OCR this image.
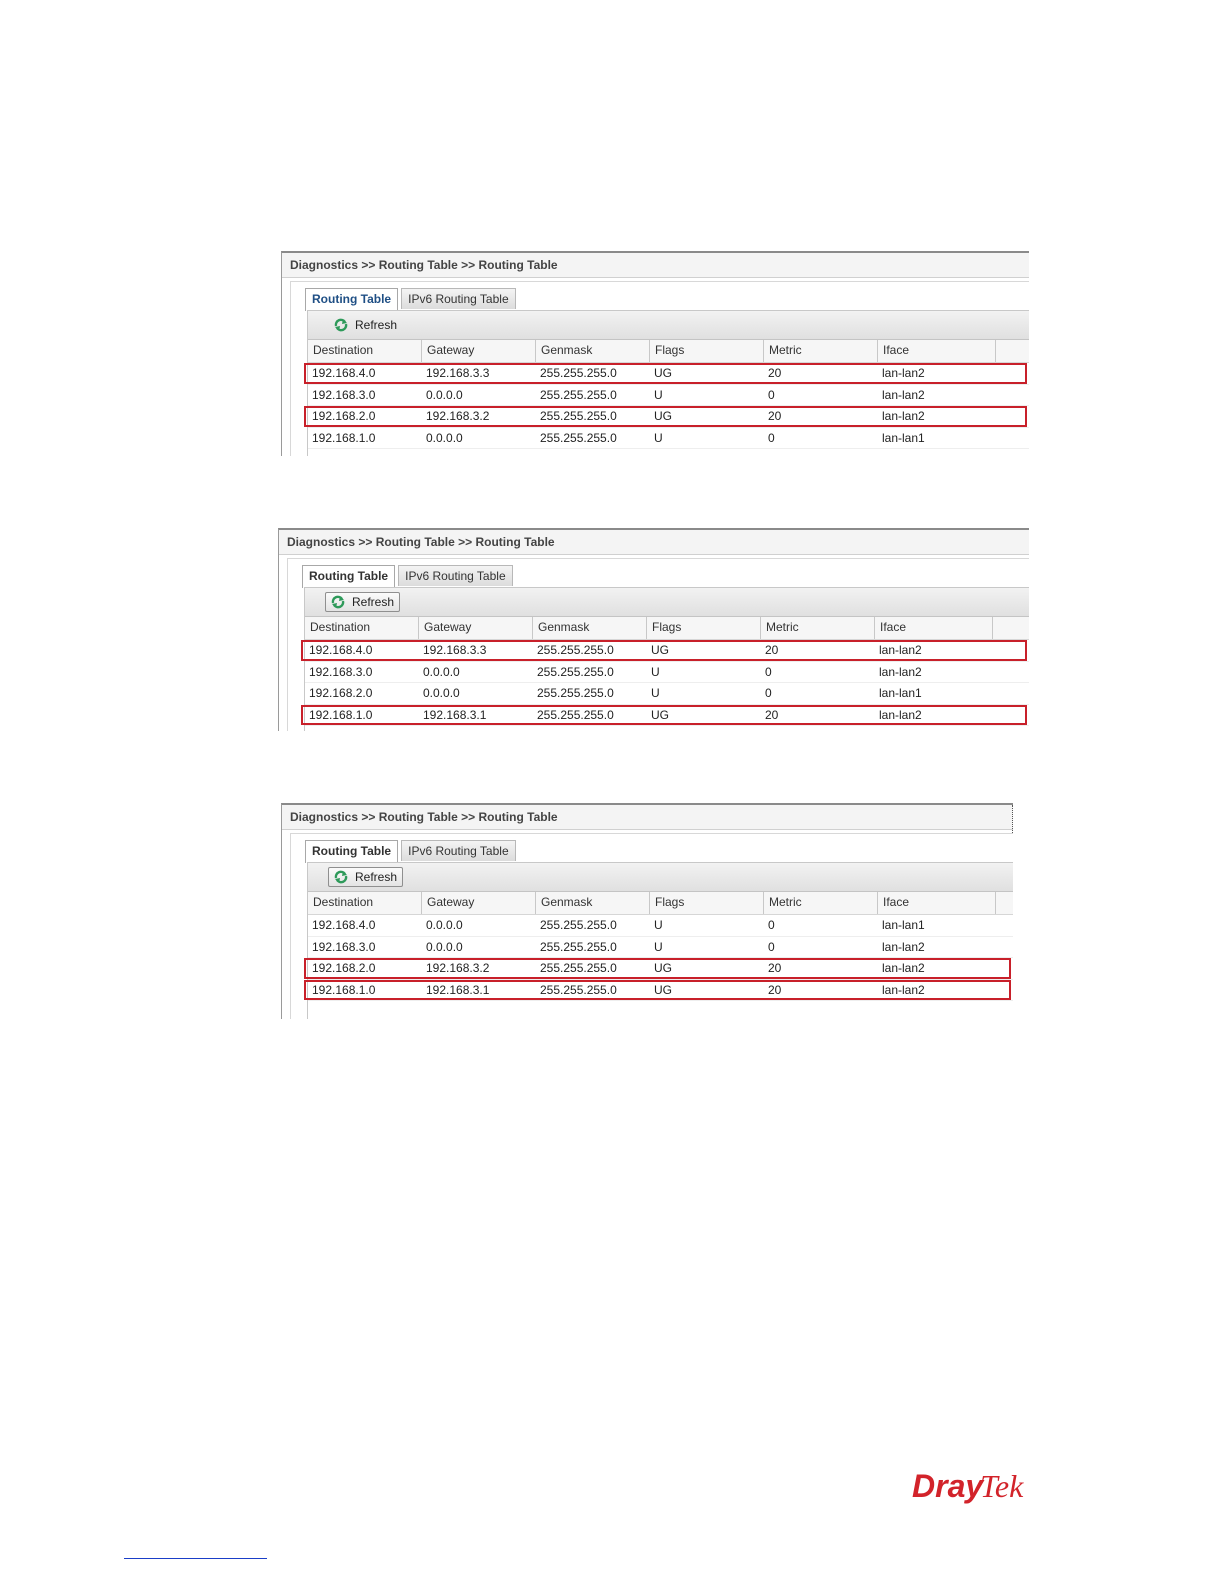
Diagnostics >> Routing Table >> Routing Table
Routing Table	IPv6 Routing Table
Refresh
Destination	Gateway	Genmask	Flags	Metric	Iface
192.168.4.0	192.168.3.3	255.255.255.0	UG	20	lan-lan2
192.168.3.0	0.0.0.0	255.255.255.0	U	0	lan-lan2
192.168.2.0	192.168.3.2	255.255.255.0	UG	20	lan-lan2
192.168.1.0	0.0.0.0	255.255.255.0	U	0	lan-lan1
Diagnostics >> Routing Table >> Routing Table
Routing Table	IPv6 Routing Table
Refresh
Destination	Gateway	Genmask	Flags	Metric	Iface
192.168.4.0	192.168.3.3	255.255.255.0	UG	20	lan-lan2
192.168.3.0	0.0.0.0	255.255.255.0	U	0	lan-lan2
192.168.2.0	0.0.0.0	255.255.255.0	U	0	lan-lan1
192.168.1.0	192.168.3.1	255.255.255.0	UG	20	lan-lan2
Diagnostics >> Routing Table >> Routing Table
Routing Table	IPv6 Routing Table
Refresh
Destination	Gateway	Genmask	Flags	Metric	Iface
192.168.4.0	0.0.0.0	255.255.255.0	U	0	lan-lan1
192.168.3.0	0.0.0.0	255.255.255.0	U	0	lan-lan2
192.168.2.0	192.168.3.2	255.255.255.0	UG	20	lan-lan2
192.168.1.0	192.168.3.1	255.255.255.0	UG	20	lan-lan2
Dray
Tek
